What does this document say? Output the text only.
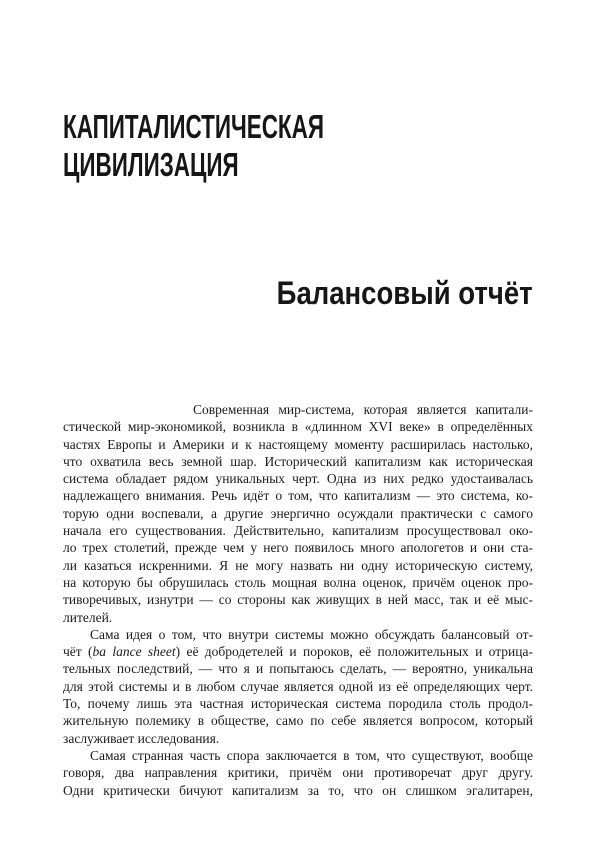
КАПИТАЛИСТИЧЕСКАЯ
ЦИВИЛИЗАЦИЯ
Балансовый отчёт
Современная мир-система, которая является капитали-
стической мир-экономикой, возникла в «длинном XVI веке» в определённых
частях Европы и Америки и к настоящему моменту расширилась настолько,
что охватила весь земной шар. Исторический капитализм как историческая
система обладает рядом уникальных черт. Одна из них редко удостаивалась
надлежащего внимания. Речь идёт о том, что капитализм — это система, ко-
торую одни воспевали, а другие энергично осуждали практически с самого
начала его существования. Действительно, капитализм просуществовал око-
ло трех столетий, прежде чем у него появилось много апологетов и они ста-
ли казаться искренними. Я не могу назвать ни одну историческую систему,
на которую бы обрушилась столь мощная волна оценок, причём оценок про-
тиворечивых, изнутри — со стороны как живущих в ней масс, так и её мыс-
лителей.
Сама идея о том, что внутри системы можно обсуждать балансовый от-
чёт (ba lance sheet) её добродетелей и пороков, её положительных и отрица-
тельных последствий, — что я и попытаюсь сделать, — вероятно, уникальна
для этой системы и в любом случае является одной из её определяющих черт.
То, почему лишь эта частная историческая система породила столь продол-
жительную полемику в обществе, само по себе является вопросом, который
заслуживает исследования.
Самая странная часть спора заключается в том, что существуют, вообще
говоря, два направления критики, причём они противоречат друг другу.
Одни критически бичуют капитализм за то, что он слишком эгалитарен,
